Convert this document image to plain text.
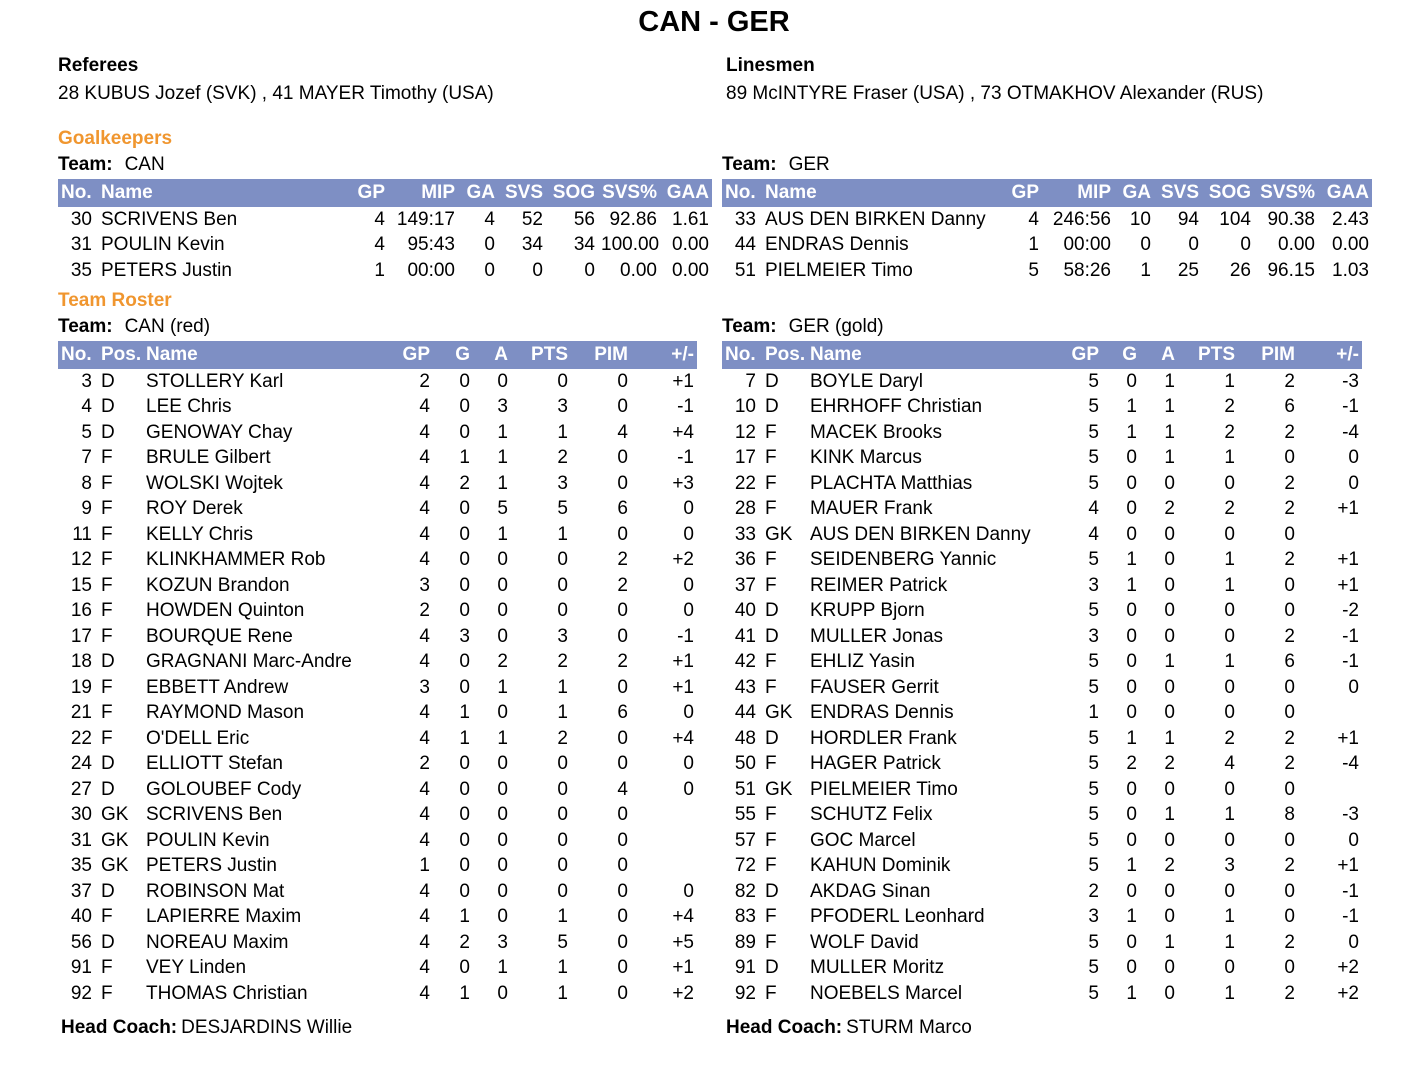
CAN - GER
Referees
28 KUBUS Jozef (SVK) , 41 MAYER Timothy (USA)
Linesmen
89 McINTYRE Fraser (USA) , 73 OTMAKHOV Alexander (RUS)
Goalkeepers
Team: CAN	Team: GER
No.	Name	GP	MIP	GA	SVS	SOG	SVS%	GAA
30	SCRIVENS Ben	4	149:17	4	52	56	92.86	1.61
31	POULIN Kevin	4	95:43	0	34	34	100.00	0.00
35	PETERS Justin	1	00:00	0	0	0	0.00	0.00
No.	Name	GP	MIP	GA	SVS	SOG	SVS%	GAA
33	AUS DEN BIRKEN Danny	4	246:56	10	94	104	90.38	2.43
44	ENDRAS Dennis	1	00:00	0	0	0	0.00	0.00
51	PIELMEIER Timo	5	58:26	1	25	26	96.15	1.03
Team Roster
Team: CAN (red)	Team: GER (gold)
No.	Pos.	Name	GP	G	A	PTS	PIM	+/-
3	D	STOLLERY Karl	2	0	0	0	0	+1
4	D	LEE Chris	4	0	3	3	0	-1
5	D	GENOWAY Chay	4	0	1	1	4	+4
7	F	BRULE Gilbert	4	1	1	2	0	-1
8	F	WOLSKI Wojtek	4	2	1	3	0	+3
9	F	ROY Derek	4	0	5	5	6	0
11	F	KELLY Chris	4	0	1	1	0	0
12	F	KLINKHAMMER Rob	4	0	0	0	2	+2
15	F	KOZUN Brandon	3	0	0	0	2	0
16	F	HOWDEN Quinton	2	0	0	0	0	0
17	F	BOURQUE Rene	4	3	0	3	0	-1
18	D	GRAGNANI Marc-Andre	4	0	2	2	2	+1
19	F	EBBETT Andrew	3	0	1	1	0	+1
21	F	RAYMOND Mason	4	1	0	1	6	0
22	F	O'DELL Eric	4	1	1	2	0	+4
24	D	ELLIOTT Stefan	2	0	0	0	0	0
27	D	GOLOUBEF Cody	4	0	0	0	4	0
30	GK	SCRIVENS Ben	4	0	0	0	0	
31	GK	POULIN Kevin	4	0	0	0	0	
35	GK	PETERS Justin	1	0	0	0	0	
37	D	ROBINSON Mat	4	0	0	0	0	0
40	F	LAPIERRE Maxim	4	1	0	1	0	+4
56	D	NOREAU Maxim	4	2	3	5	0	+5
91	F	VEY Linden	4	0	1	1	0	+1
92	F	THOMAS Christian	4	1	0	1	0	+2
No.	Pos.	Name	GP	G	A	PTS	PIM	+/-
7	D	BOYLE Daryl	5	0	1	1	2	-3
10	D	EHRHOFF Christian	5	1	1	2	6	-1
12	F	MACEK Brooks	5	1	1	2	2	-4
17	F	KINK Marcus	5	0	1	1	0	0
22	F	PLACHTA Matthias	5	0	0	0	2	0
28	F	MAUER Frank	4	0	2	2	2	+1
33	GK	AUS DEN BIRKEN Danny	4	0	0	0	0	
36	F	SEIDENBERG Yannic	5	1	0	1	2	+1
37	F	REIMER Patrick	3	1	0	1	0	+1
40	D	KRUPP Bjorn	5	0	0	0	0	-2
41	D	MULLER Jonas	3	0	0	0	2	-1
42	F	EHLIZ Yasin	5	0	1	1	6	-1
43	F	FAUSER Gerrit	5	0	0	0	0	0
44	GK	ENDRAS Dennis	1	0	0	0	0	
48	D	HORDLER Frank	5	1	1	2	2	+1
50	F	HAGER Patrick	5	2	2	4	2	-4
51	GK	PIELMEIER Timo	5	0	0	0	0	
55	F	SCHUTZ Felix	5	0	1	1	8	-3
57	F	GOC Marcel	5	0	0	0	0	0
72	F	KAHUN Dominik	5	1	2	3	2	+1
82	D	AKDAG Sinan	2	0	0	0	0	-1
83	F	PFODERL Leonhard	3	1	0	1	0	-1
89	F	WOLF David	5	0	1	1	2	0
91	D	MULLER Moritz	5	0	0	0	0	+2
92	F	NOEBELS Marcel	5	1	0	1	2	+2
Head Coach: DESJARDINS Willie	Head Coach: STURM Marco
